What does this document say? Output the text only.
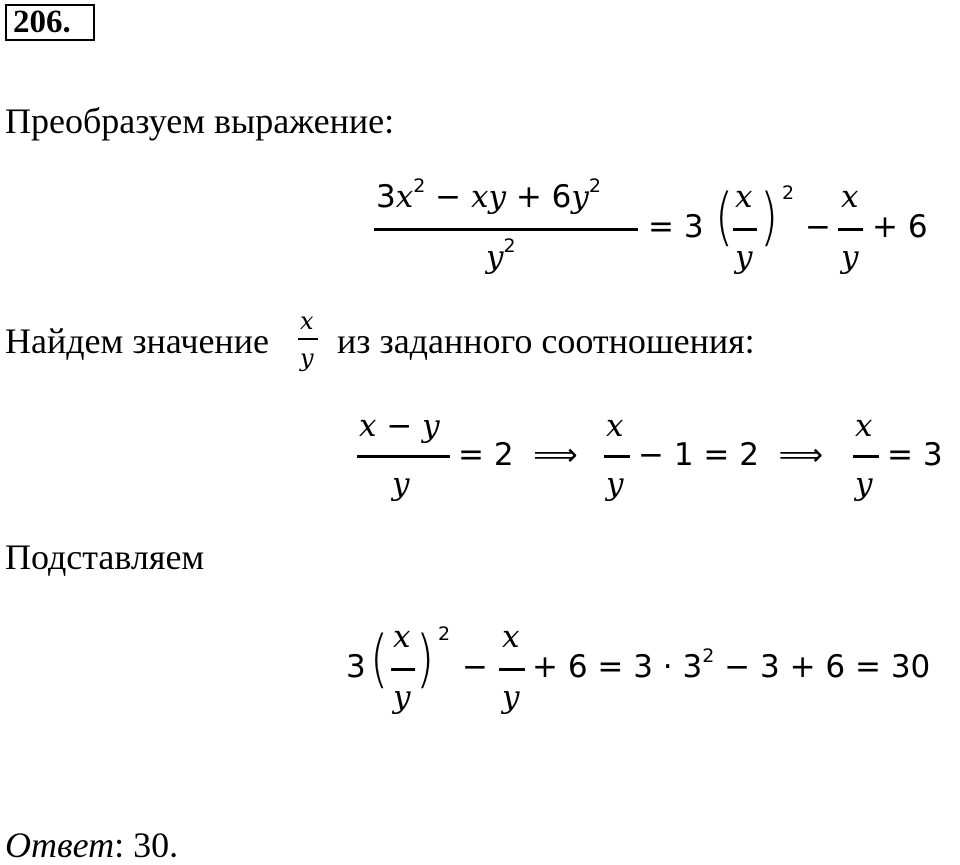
206.
Преобразуем выражение:
$3x^2$ − xy + $6y^2$
$y^2$
= 3 ( x
y
) 2
−
x
y
+ 6
Найдем значение x
y из заданного соотношения:
x − y
y
= 2  ⟹
x
y
− 1 = 2  ⟹
x
y
= 3
Подставляем
3 ( x
y
) 2
−
x
y
+ $6 = 3 \cdot 3^2 - 3 + 6 = 30$
Ответ: 30.
